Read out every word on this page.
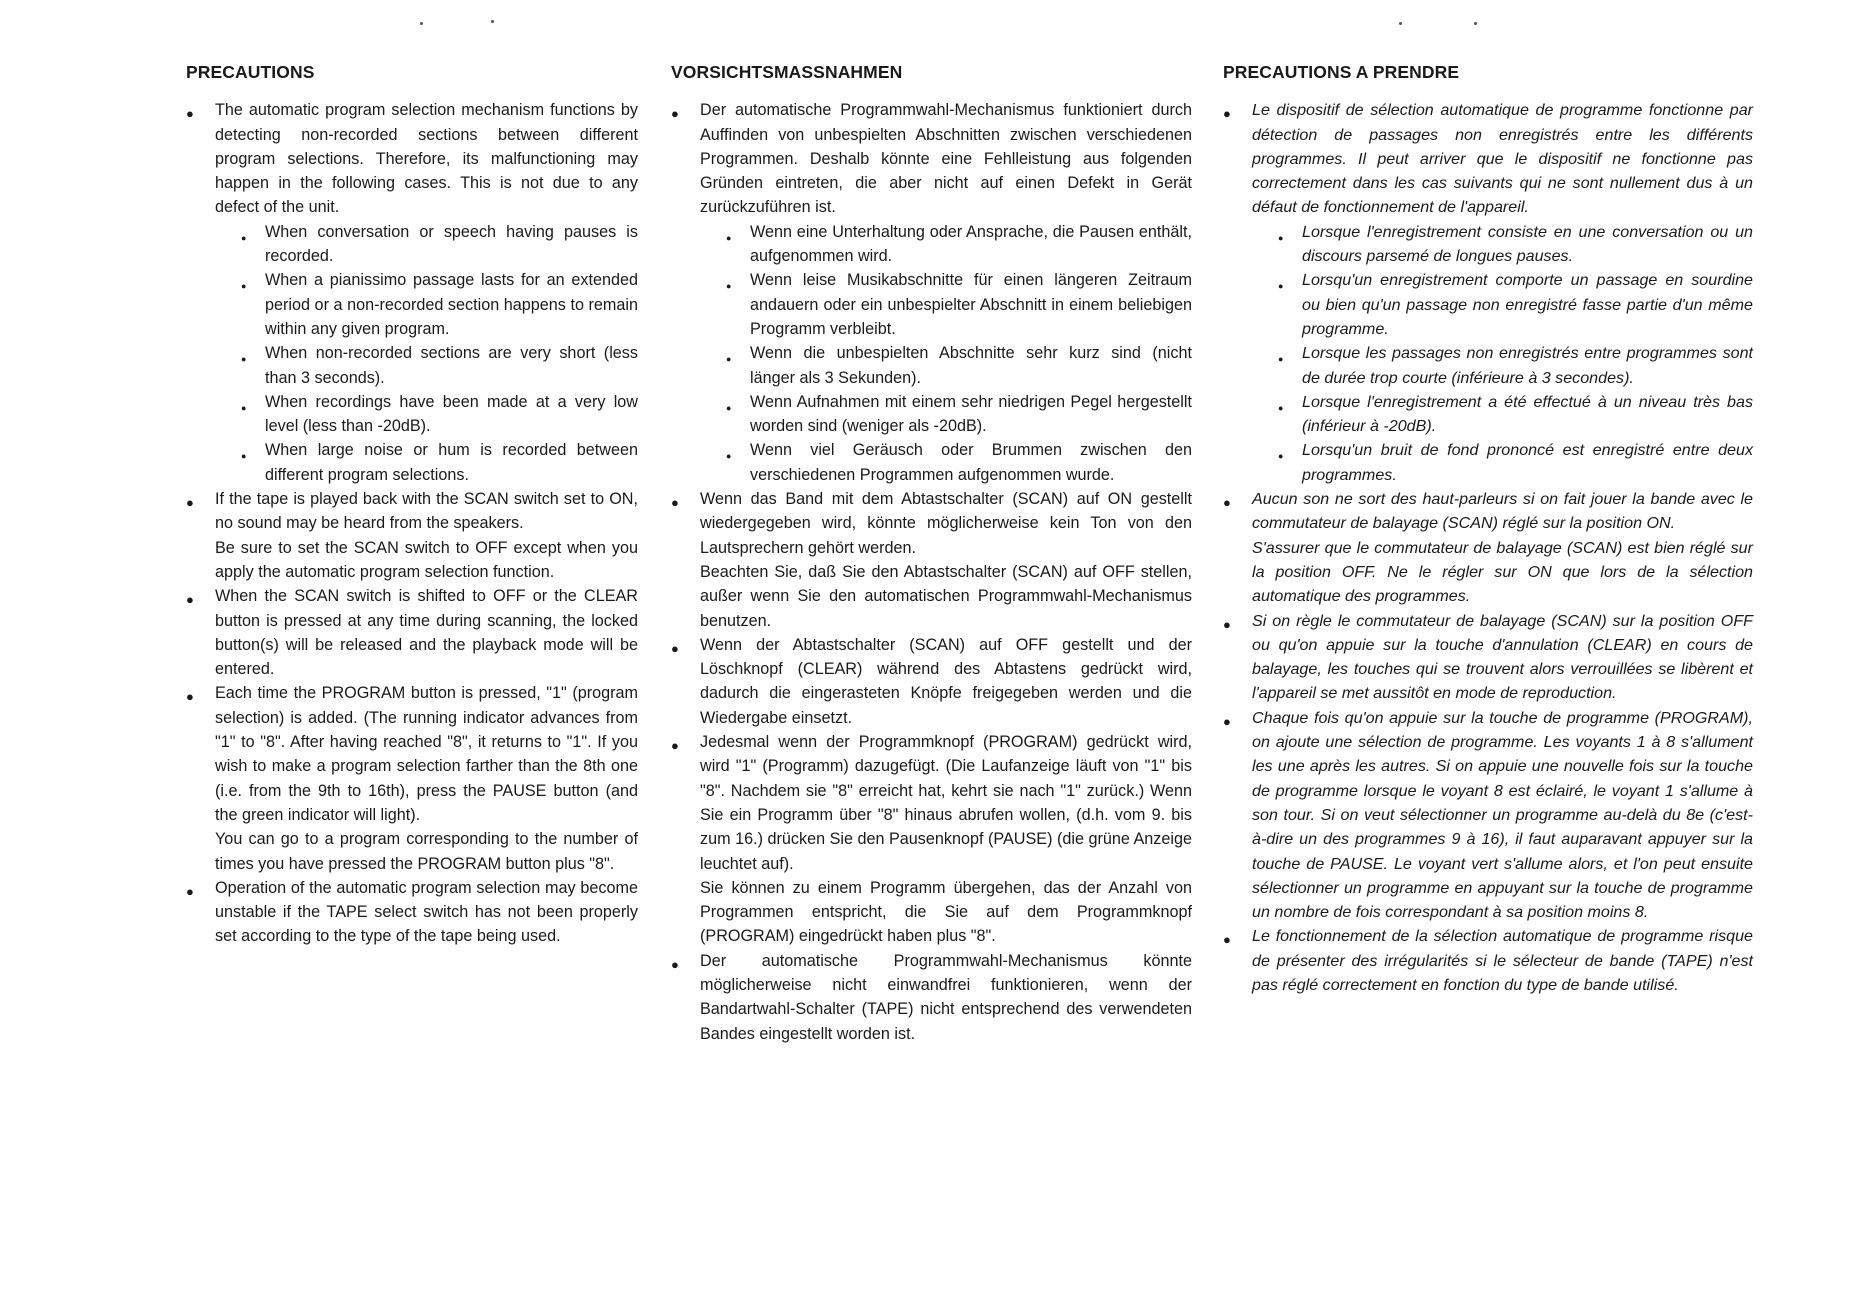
PRECAUTIONS

● The automatic program selection mechanism functions by detecting non-recorded sections between different program selections. Therefore, its malfunctioning may happen in the following cases. This is not due to any defect of the unit.

● When conversation or speech having pauses is recorded.
● When a pianissimo passage lasts for an extended period or a non-recorded section happens to remain within any given program.
● When non-recorded sections are very short (less than 3 seconds).
● When recordings have been made at a very low level (less than -20dB).
● When large noise or hum is recorded between different program selections.

● If the tape is played back with the SCAN switch set to ON, no sound may be heard from the speakers.

Be sure to set the SCAN switch to OFF except when you apply the automatic program selection function.

● When the SCAN switch is shifted to OFF or the CLEAR button is pressed at any time during scanning, the locked button(s) will be released and the playback mode will be entered.

● Each time the PROGRAM button is pressed, "1" (program selection) is added. (The running indicator advances from "1" to "8". After having reached "8", it returns to "1". If you wish to make a program selection farther than the 8th one (i.e. from the 9th to 16th), press the PAUSE button (and the green indicator will light).

You can go to a program corresponding to the number of times you have pressed the PROGRAM button plus "8".

● Operation of the automatic program selection may become unstable if the TAPE select switch has not been properly set according to the type of the tape being used.

VORSICHTSMASSNAHMEN

● Der automatische Programmwahl-Mechanismus funktioniert durch Auffinden von unbespielten Abschnitten zwischen verschiedenen Programmen. Deshalb könnte eine Fehlleistung aus folgenden Gründen eintreten, die aber nicht auf einen Defekt in Gerät zurückzuführen ist.

● Wenn eine Unterhaltung oder Ansprache, die Pausen enthält, aufgenommen wird.
● Wenn leise Musikabschnitte für einen längeren Zeitraum andauern oder ein unbespielter Abschnitt in einem beliebigen Programm verbleibt.
● Wenn die unbespielten Abschnitte sehr kurz sind (nicht länger als 3 Sekunden).
● Wenn Aufnahmen mit einem sehr niedrigen Pegel hergestellt worden sind (weniger als -20dB).
● Wenn viel Geräusch oder Brummen zwischen den verschiedenen Programmen aufgenommen wurde.

● Wenn das Band mit dem Abtastschalter (SCAN) auf ON gestellt wiedergegeben wird, könnte möglicherweise kein Ton von den Lautsprechern gehört werden.

Beachten Sie, daß Sie den Abtastschalter (SCAN) auf OFF stellen, außer wenn Sie den automatischen Programmwahl-Mechanismus benutzen.

● Wenn der Abtastschalter (SCAN) auf OFF gestellt und der Löschknopf (CLEAR) während des Abtastens gedrückt wird, dadurch die eingerasteten Knöpfe freigegeben werden und die Wiedergabe einsetzt.

● Jedesmal wenn der Programmknopf (PROGRAM) gedrückt wird, wird "1" (Programm) dazugefügt. (Die Laufanzeige läuft von "1" bis "8". Nachdem sie "8" erreicht hat, kehrt sie nach "1" zurück.) Wenn Sie ein Programm über "8" hinaus abrufen wollen, (d.h. vom 9. bis zum 16.) drücken Sie den Pausenknopf (PAUSE) (die grüne Anzeige leuchtet auf).

Sie können zu einem Programm übergehen, das der Anzahl von Programmen entspricht, die Sie auf dem Programmknopf (PROGRAM) eingedrückt haben plus "8".

● Der automatische Programmwahl-Mechanismus könnte möglicherweise nicht einwandfrei funktionieren, wenn der Bandartwahl-Schalter (TAPE) nicht entsprechend des verwendeten Bandes eingestellt worden ist.

PRECAUTIONS A PRENDRE

● Le dispositif de sélection automatique de programme fonctionne par détection de passages non enregistrés entre les différents programmes. Il peut arriver que le dispositif ne fonctionne pas correctement dans les cas suivants qui ne sont nullement dus à un défaut de fonctionnement de l'appareil.

● Lorsque l'enregistrement consiste en une conversation ou un discours parsemé de longues pauses.
● Lorsqu'un enregistrement comporte un passage en sourdine ou bien qu'un passage non enregistré fasse partie d'un même programme.
● Lorsque les passages non enregistrés entre programmes sont de durée trop courte (inférieure à 3 secondes).
● Lorsque l'enregistrement a été effectué à un niveau très bas (inférieur à -20dB).
● Lorsqu'un bruit de fond prononcé est enregistré entre deux programmes.

● Aucun son ne sort des haut-parleurs si on fait jouer la bande avec le commutateur de balayage (SCAN) réglé sur la position ON.

S'assurer que le commutateur de balayage (SCAN) est bien réglé sur la position OFF. Ne le régler sur ON que lors de la sélection automatique des programmes.

● Si on règle le commutateur de balayage (SCAN) sur la position OFF ou qu'on appuie sur la touche d'annulation (CLEAR) en cours de balayage, les touches qui se trouvent alors verrouillées se libèrent et l'appareil se met aussitôt en mode de reproduction.

● Chaque fois qu'on appuie sur la touche de programme (PROGRAM), on ajoute une sélection de programme. Les voyants 1 à 8 s'allument les une après les autres. Si on appuie une nouvelle fois sur la touche de programme lorsque le voyant 8 est éclairé, le voyant 1 s'allume à son tour. Si on veut sélectionner un programme au-delà du 8e (c'est-à-dire un des programmes 9 à 16), il faut auparavant appuyer sur la touche de PAUSE. Le voyant vert s'allume alors, et l'on peut ensuite sélectionner un programme en appuyant sur la touche de programme un nombre de fois correspondant à sa position moins 8.

● Le fonctionnement de la sélection automatique de programme risque de présenter des irrégularités si le sélecteur de bande (TAPE) n'est pas réglé correctement en fonction du type de bande utilisé.
